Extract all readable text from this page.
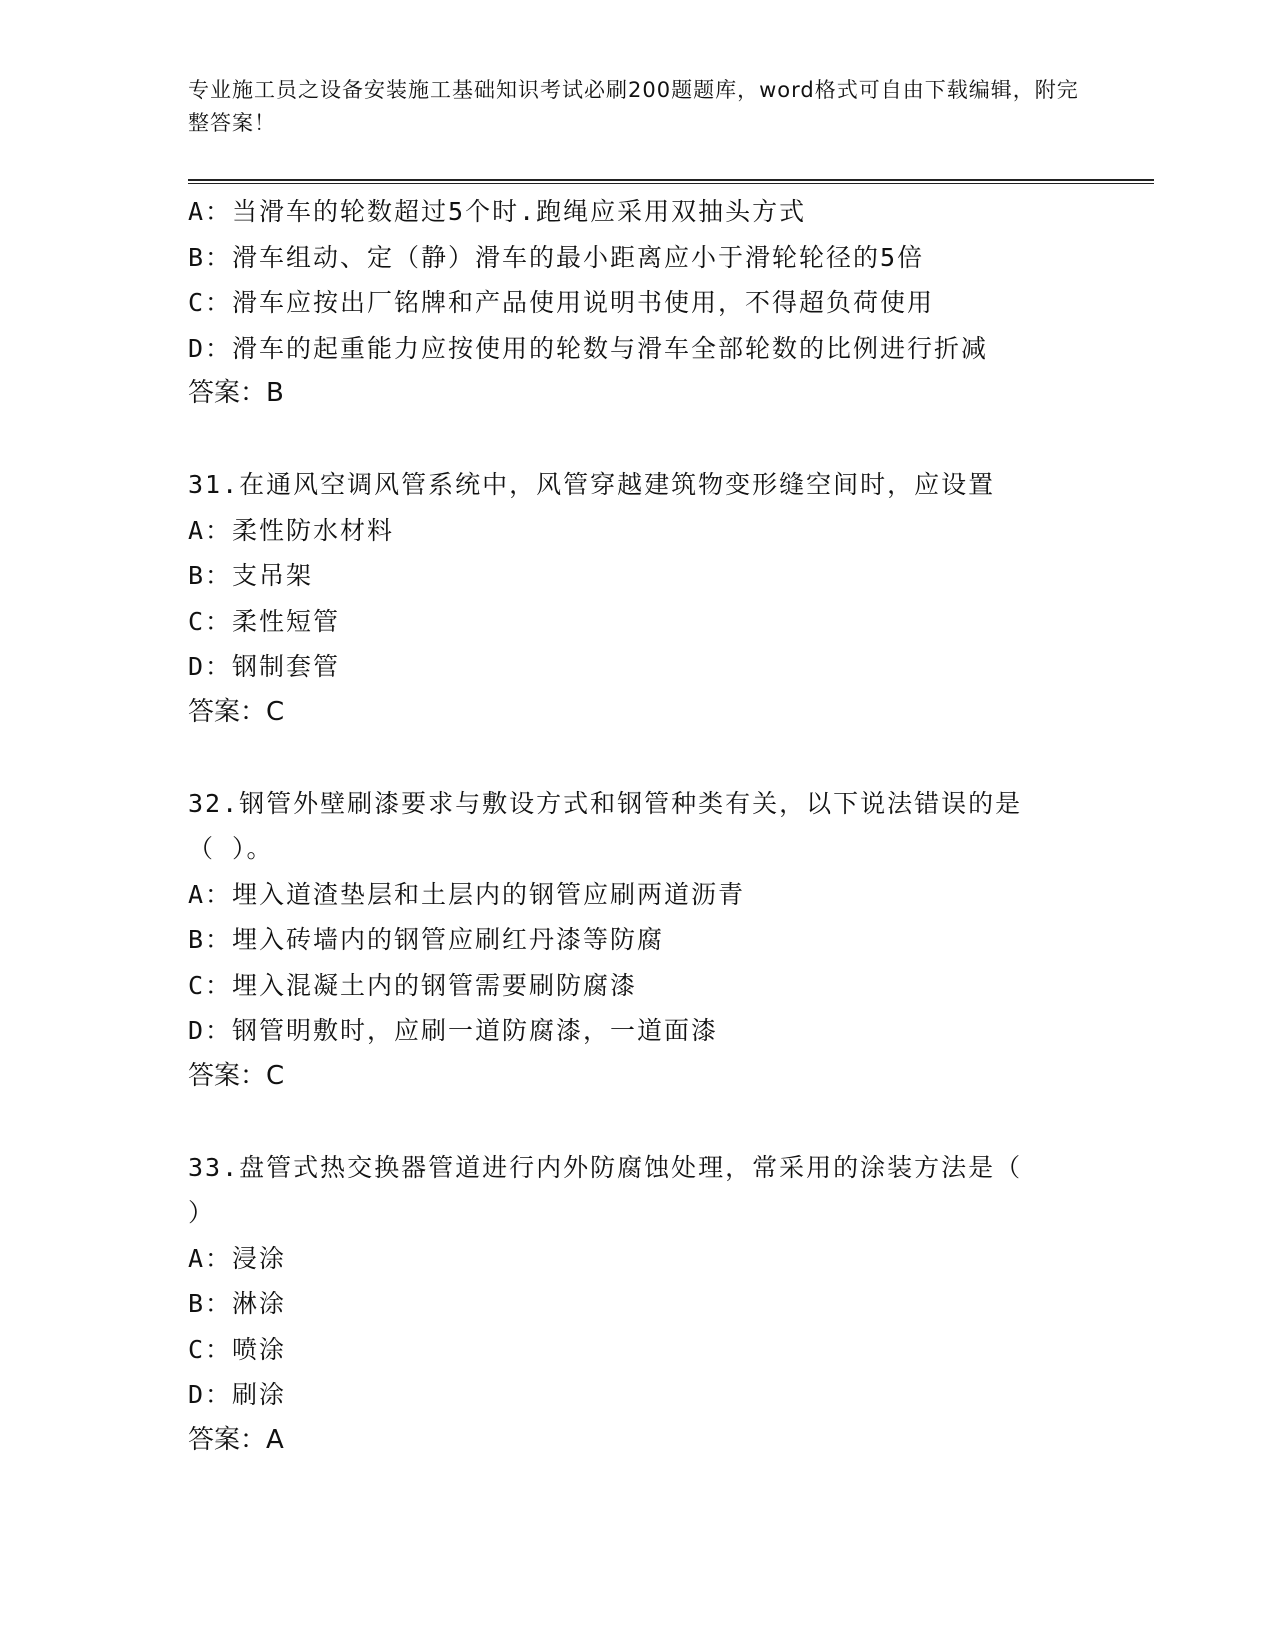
专业施工员之设备安装施工基础知识考试必刷200题题库，word格式可自由下载编辑，附完整答案！
A：当滑车的轮数超过5个时.跑绳应采用双抽头方式
B：滑车组动、定（静）滑车的最小距离应小于滑轮轮径的5倍
C：滑车应按出厂铭牌和产品使用说明书使用，不得超负荷使用
D：滑车的起重能力应按使用的轮数与滑车全部轮数的比例进行折减
答案：B
31.在通风空调风管系统中，风管穿越建筑物变形缝空间时，应设置
A：柔性防水材料
B：支吊架
C：柔性短管
D：钢制套管
答案：C
32.钢管外壁刷漆要求与敷设方式和钢管种类有关，以下说法错误的是
（ ）。
A：埋入道渣垫层和土层内的钢管应刷两道沥青
B：埋入砖墙内的钢管应刷红丹漆等防腐
C：埋入混凝土内的钢管需要刷防腐漆
D：钢管明敷时，应刷一道防腐漆，一道面漆
答案：C
33.盘管式热交换器管道进行内外防腐蚀处理，常采用的涂装方法是（
）
A：浸涂
B：淋涂
C：喷涂
D：刷涂
答案：A
